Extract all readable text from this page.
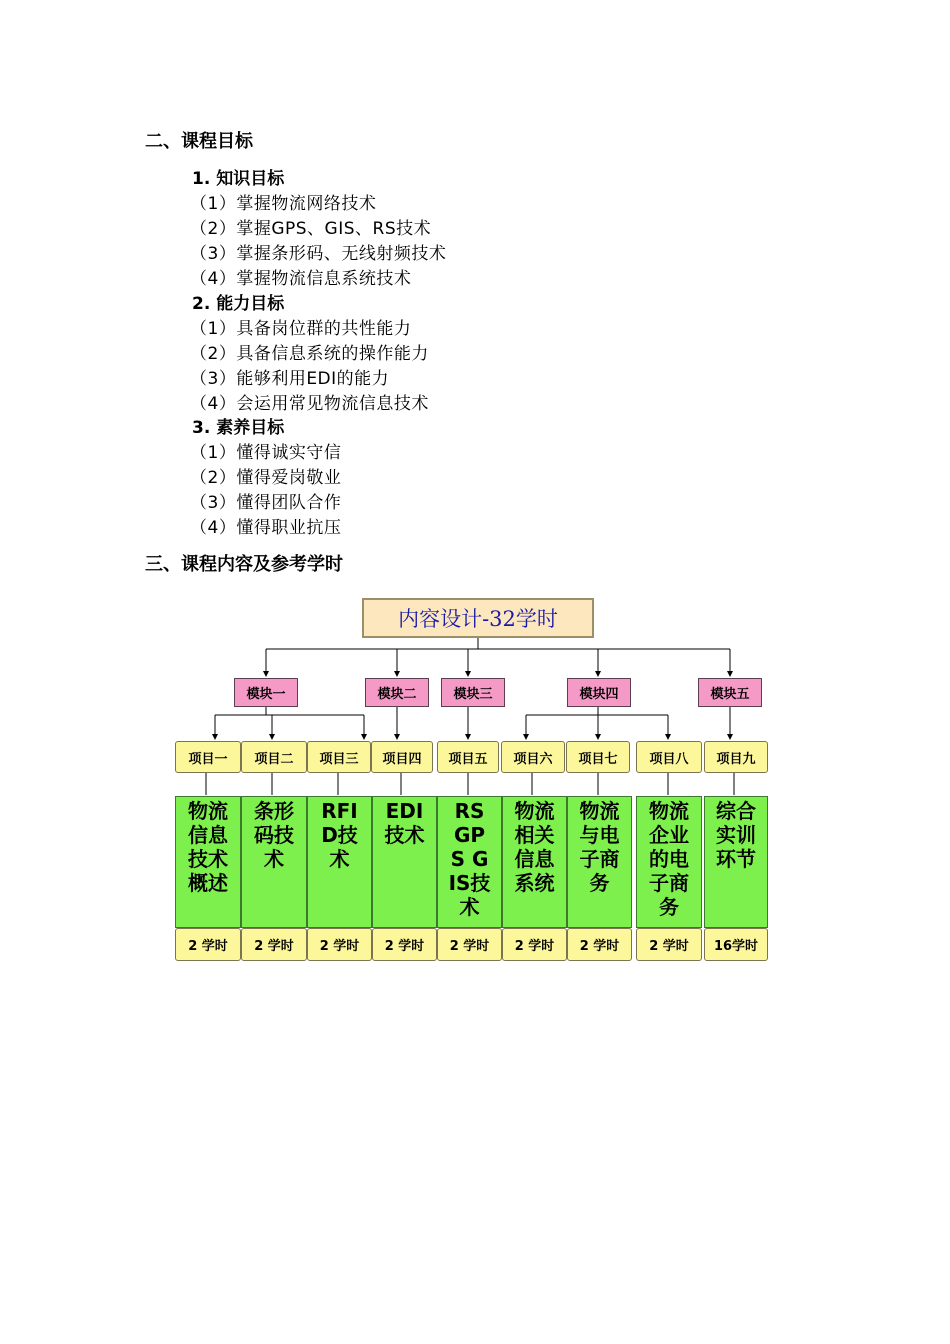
二、课程目标
1. 知识目标
（1）掌握物流网络技术
（2）掌握GPS、GIS、RS技术
（3）掌握条形码、无线射频技术
（4）掌握物流信息系统技术
2. 能力目标
（1）具备岗位群的共性能力
（2）具备信息系统的操作能力
（3）能够利用EDI的能力
（4）会运用常见物流信息技术
3. 素养目标
（1）懂得诚实守信
（2）懂得爱岗敬业
（3）懂得团队合作
（4）懂得职业抗压
三、课程内容及参考学时
内容设计-32学时
模块一	模块二	模块三	模块四	模块五
项目一	项目二	项目三	项目四	项目五	项目六	项目七	项目八	项目九
物流信息技术概述
条形码技术
RFID技术
EDI技术
RS GPS GIS技术
物流相关信息系统
物流与电子商务
物流企业的电子商务
综合实训环节
2 学时	2 学时	2 学时	2 学时	2 学时	2 学时	2 学时	2 学时	16学时
